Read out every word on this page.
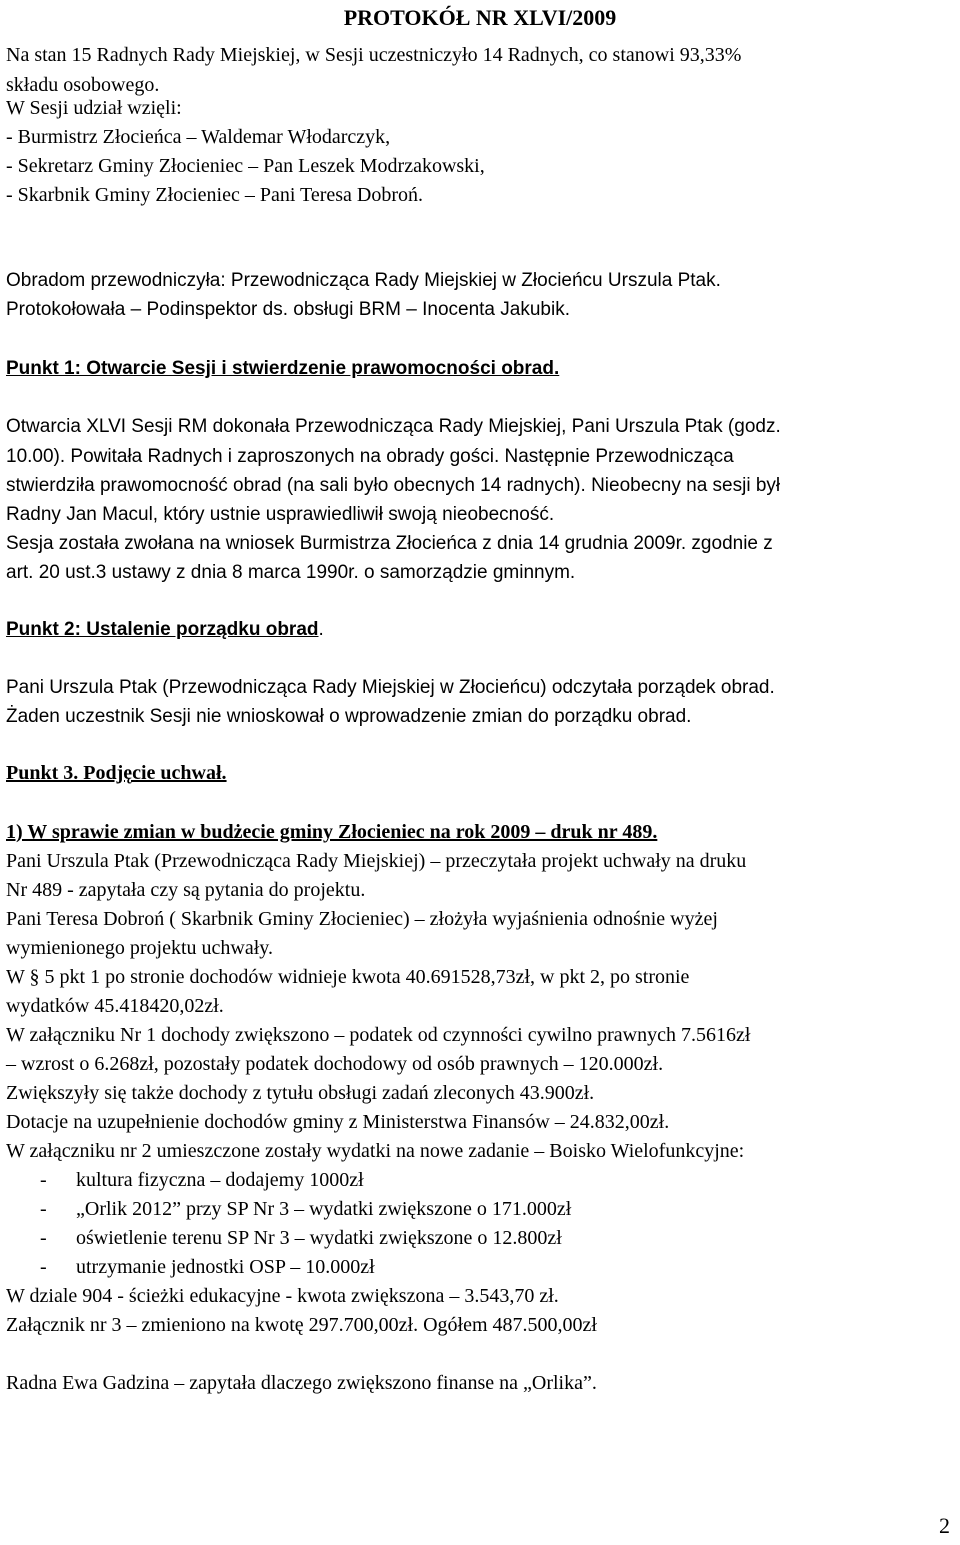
PROTOKÓŁ NR XLVI/2009
Na stan 15 Radnych Rady Miejskiej, w Sesji uczestniczyło 14 Radnych, co stanowi 93,33%
składu osobowego.
W Sesji udział wzięli:
- Burmistrz Złocieńca – Waldemar Włodarczyk,
- Sekretarz Gminy Złocieniec – Pan Leszek Modrzakowski,
- Skarbnik Gminy Złocieniec – Pani Teresa Dobroń.
Obradom przewodniczyła: Przewodnicząca Rady Miejskiej w Złocieńcu Urszula Ptak.
Protokołowała – Podinspektor ds. obsługi BRM – Inocenta Jakubik.
Punkt 1: Otwarcie Sesji i stwierdzenie prawomocności obrad.
Otwarcia XLVI Sesji RM dokonała Przewodnicząca Rady Miejskiej, Pani Urszula Ptak (godz.
10.00). Powitała Radnych i zaproszonych na obrady gości. Następnie Przewodnicząca
stwierdziła prawomocność obrad (na sali było obecnych 14 radnych). Nieobecny na sesji był
Radny Jan Macul, który ustnie usprawiedliwił swoją nieobecność.
Sesja została zwołana na wniosek Burmistrza Złocieńca z dnia 14 grudnia 2009r. zgodnie z
art. 20 ust.3 ustawy z dnia 8 marca 1990r. o samorządzie gminnym.
Punkt 2: Ustalenie porządku obrad.
Pani Urszula Ptak (Przewodnicząca Rady Miejskiej w Złocieńcu) odczytała porządek obrad.
Żaden uczestnik Sesji nie wnioskował o wprowadzenie zmian do porządku obrad.
Punkt 3. Podjęcie uchwał.
1) W sprawie zmian w budżecie gminy Złocieniec na rok 2009 – druk nr 489.
Pani Urszula Ptak (Przewodnicząca Rady Miejskiej) – przeczytała projekt uchwały na druku
Nr 489 - zapytała czy są pytania do projektu.
Pani Teresa Dobroń ( Skarbnik Gminy Złocieniec) – złożyła wyjaśnienia odnośnie wyżej
wymienionego projektu uchwały.
W § 5 pkt 1 po stronie dochodów widnieje kwota 40.691528,73zł, w pkt 2, po stronie
wydatków 45.418420,02zł.
W załączniku Nr 1 dochody zwiększono – podatek od czynności cywilno prawnych 7.5616zł
– wzrost o 6.268zł, pozostały podatek dochodowy od osób prawnych – 120.000zł.
Zwiększyły się także dochody z tytułu obsługi zadań zleconych 43.900zł.
Dotacje na uzupełnienie dochodów gminy z Ministerstwa Finansów – 24.832,00zł.
W załączniku nr 2 umieszczone zostały wydatki na nowe zadanie – Boisko Wielofunkcyjne:
- kultura fizyczna – dodajemy 1000zł
- „Orlik 2012” przy SP Nr 3 – wydatki zwiększone o 171.000zł
- oświetlenie terenu SP Nr 3 – wydatki zwiększone o 12.800zł
- utrzymanie jednostki OSP – 10.000zł
W dziale 904 - ścieżki edukacyjne - kwota zwiększona – 3.543,70 zł.
Załącznik nr 3 – zmieniono na kwotę 297.700,00zł. Ogółem 487.500,00zł
Radna Ewa Gadzina – zapytała dlaczego zwiększono finanse na „Orlika”.
2
